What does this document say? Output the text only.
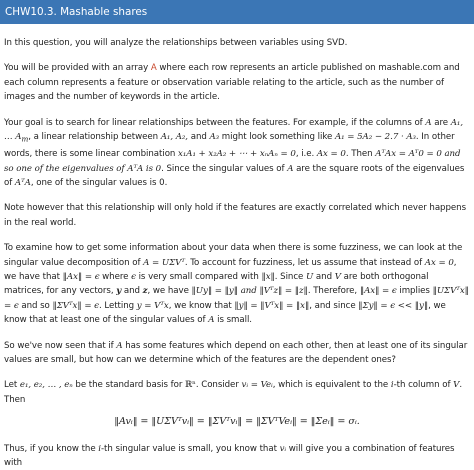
CHW10.3. Mashable shares

In this question, you will analyze the relationships between variables using SVD.

You will be provided with an array A where each row represents an article published on mashable.com and each column represents a feature or observation variable relating to the article, such as the number of images and the number of keywords in the article.

Your goal is to search for linear relationships between the features. For example, if the columns of A are A₁, … $A_m$, a linear relationship between A₁, A₂, and A₃ might look something like A₁ = 5A₂ − 2.7 · A₃. In other words, there is some linear combination x₁A₁ + x₂A₂ + ⋯ + xₙAₙ = 0, i.e. Ax = 0. Then AᵀAx = Aᵀ0 = 0 and so one of the eigenvalues of AᵀA is 0. Since the singular values of A are the square roots of the eigenvalues of AᵀA, one of the singular values is 0.

Note however that this relationship will only hold if the features are exactly correlated which never happens in the real world.

To examine how to get some information about your data when there is some fuzziness, we can look at the singular value decomposition of A = UΣVᵀ. To account for fuzziness, let us assume that instead of Ax = 0, we have that ‖Ax‖ = ϵ where ϵ is very small compared with ‖x‖. Since U and V are both orthogonal matrices, for any vectors, y and z, we have ‖Uy‖ = ‖y‖ and ‖Vᵀz‖ = ‖z‖. Therefore, ‖Ax‖ = ϵ implies ‖UΣVᵀx‖ = ϵ and so ‖ΣVᵀx‖ = ϵ. Letting y = Vᵀx, we know that ‖y‖ = ‖Vᵀx‖ = ‖x‖, and since ‖Σy‖ = ϵ << ‖y‖, we know that at least one of the singular values of A is small.

So we've now seen that if A has some features which depend on each other, then at least one of its singular values are small, but how can we determine which of the features are the dependent ones?

Let e₁, e₂, … , eₙ be the standard basis for ℝⁿ. Consider vᵢ = Veᵢ, which is equivalent to the i-th column of V. Then

‖Avᵢ‖ = ‖UΣVᵀvᵢ‖ = ‖ΣVᵀvᵢ‖ = ‖ΣVᵀVeᵢ‖ = ‖Σeᵢ‖ = σᵢ.

Thus, if you know the i-th singular value is small, you know that vᵢ will give you a combination of features with
